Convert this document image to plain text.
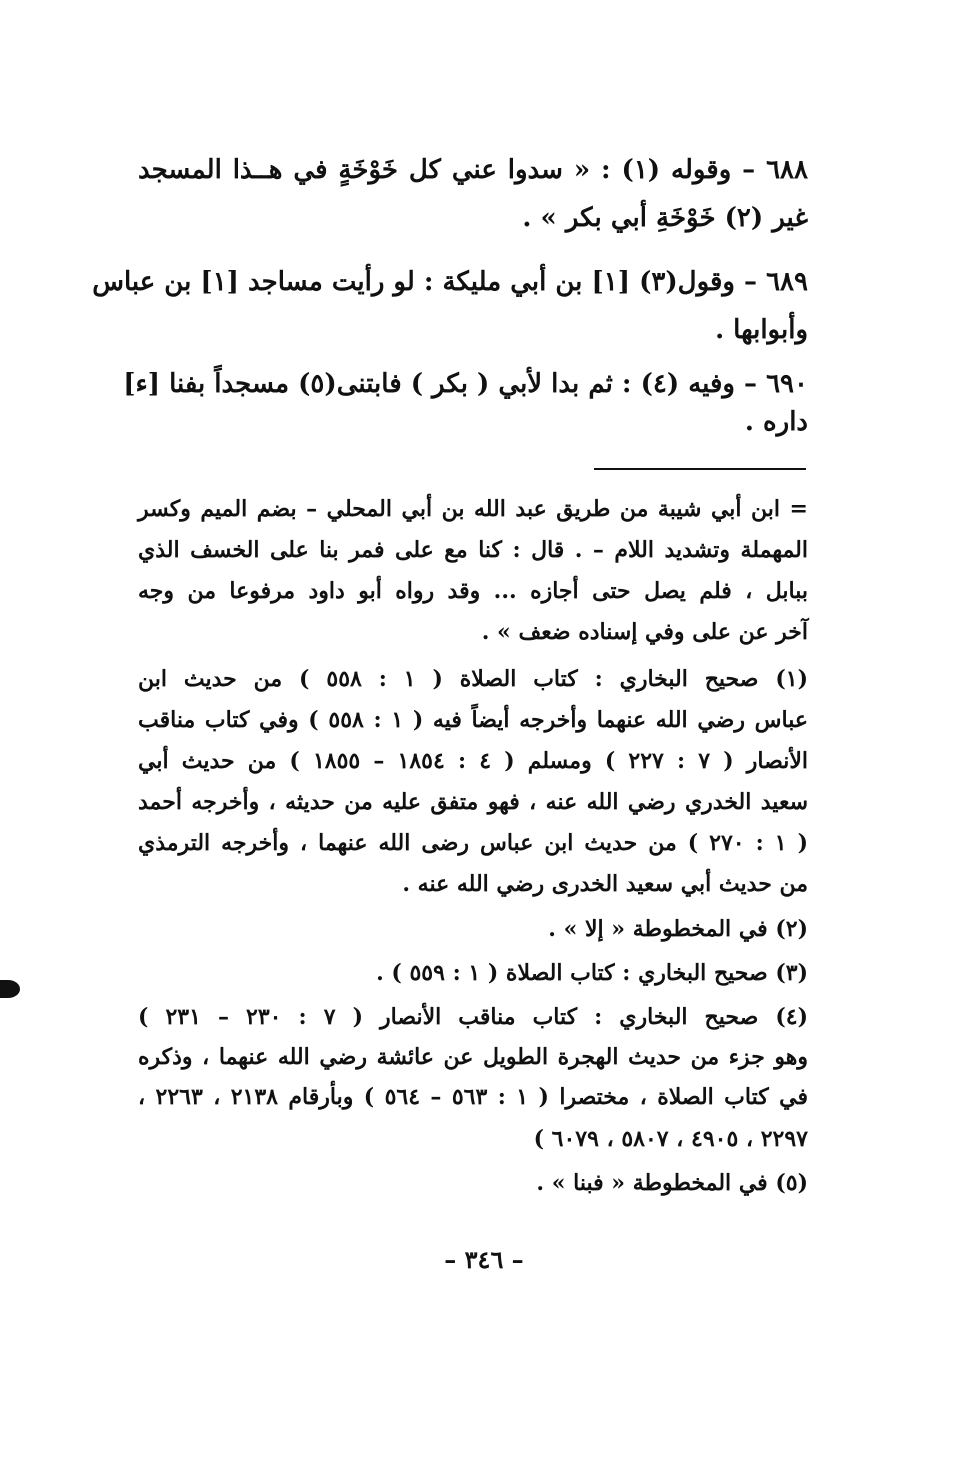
٦٨٨ – وقوله (١) : « سدوا عني كل خَوْخَةٍ في هــذا المسجد
غير (٢) خَوْخَةِ أبي بكر » .
٦٨٩ – وقول(٣) [١] بن أبي مليكة : لو رأيت مساجد [١] بن عباس
وأبوابها .
٦٩٠ – وفيه (٤) : ثم بدا لأبي ( بكر ) فابتنى(٥) مسجداً بفنا [ء]
داره .
= ابن أبي شيبة من طريق عبد الله بن أبي المحلي – بضم الميم وكسر
المهملة وتشديد اللام – . قال : كنا مع على فمر بنا على الخسف الذي
ببابل ، فلم يصل حتى أجازه ... وقد رواه أبو داود مرفوعا من وجه
آخر عن على وفي إسناده ضعف » .
(١) صحيح البخاري : كتاب الصلاة ( ١ : ٥٥٨ ) من حديث ابن
عباس رضي الله عنهما وأخرجه أيضاً فيه ( ١ : ٥٥٨ ) وفي كتاب مناقب
الأنصار ( ٧ : ٢٢٧ ) ومسلم ( ٤ : ١٨٥٤ – ١٨٥٥ ) من حديث أبي
سعيد الخدري رضي الله عنه ، فهو متفق عليه من حديثه ، وأخرجه أحمد
( ١ : ٢٧٠ ) من حديث ابن عباس رضى الله عنهما ، وأخرجه الترمذي
من حديث أبي سعيد الخدرى رضي الله عنه .
(٢) في المخطوطة « إلا » .
(٣) صحيح البخاري : كتاب الصلاة ( ١ : ٥٥٩ ) .
(٤) صحيح البخاري : كتاب مناقب الأنصار ( ٧ : ٢٣٠ – ٢٣١ )
وهو جزء من حديث الهجرة الطويل عن عائشة رضي الله عنهما ، وذكره
في كتاب الصلاة ، مختصرا ( ١ : ٥٦٣ – ٥٦٤ ) وبأرقام ٢١٣٨ ، ٢٢٦٣ ،
٢٢٩٧ ، ٤٩٠٥ ، ٥٨٠٧ ، ٦٠٧٩ )
(٥) في المخطوطة « فبنا » .
– ٣٤٦ –
